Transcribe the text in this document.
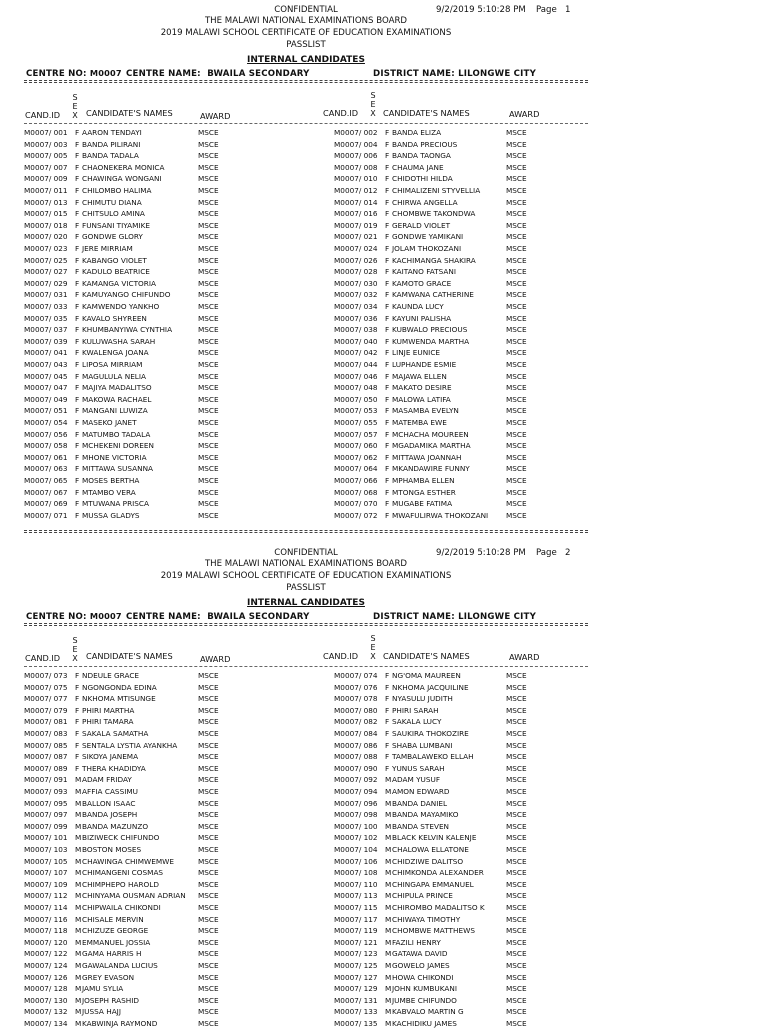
CONFIDENTIAL	9/2/2019 5:10:28 PM Page 1
THE MALAWI NATIONAL EXAMINATIONS BOARD
2019 MALAWI SCHOOL CERTIFICATE OF EDUCATION EXAMINATIONS
PASSLIST
INTERNAL CANDIDATES
CENTRE NO: M0007 CENTRE NAME: BWAILA SECONDARY	DISTRICT NAME: LILONGWE CITY
CAND.ID
S
E
X CANDIDATE'S NAMES	AWARD	CAND.ID
S
E
X CANDIDATE'S NAMES	AWARD
M0007/ 001 F AARON TENDAYI	MSCE
M0007/ 003 F BANDA PILIRANI	MSCE
M0007/ 005 F BANDA TADALA	MSCE
M0007/ 007 F CHAONEKERA MONICA	MSCE
M0007/ 009 F CHAWINGA WONGANI	MSCE
M0007/ 011 F CHILOMBO HALIMA	MSCE
M0007/ 013 F CHIMUTU DIANA	MSCE
M0007/ 015 F CHITSULO AMINA	MSCE
M0007/ 018 F FUNSANI TIYAMIKE	MSCE
M0007/ 020 F GONDWE GLORY	MSCE
M0007/ 023 F JERE MIRRIAM	MSCE
M0007/ 025 F KABANGO VIOLET	MSCE
M0007/ 027 F KADULO BEATRICE	MSCE
M0007/ 029 F KAMANGA VICTORIA	MSCE
M0007/ 031 F KAMUYANGO CHIFUNDO	MSCE
M0007/ 033 F KAMWENDO YANKHO	MSCE
M0007/ 035 F KAVALO SHYREEN	MSCE
M0007/ 037 F KHUMBANYIWA CYNTHIA	MSCE
M0007/ 039 F KULUWASHA SARAH	MSCE
M0007/ 041 F KWALENGA JOANA	MSCE
M0007/ 043 F LIPOSA MIRRIAM	MSCE
M0007/ 045 F MAGULULA NELIA	MSCE
M0007/ 047 F MAJIYA MADALITSO	MSCE
M0007/ 049 F MAKOWA RACHAEL	MSCE
M0007/ 051 F MANGANI LUWIZA	MSCE
M0007/ 054 F MASEKO JANET	MSCE
M0007/ 056 F MATUMBO TADALA	MSCE
M0007/ 058 F MCHEKENI DOREEN	MSCE
M0007/ 061 F MHONE VICTORIA	MSCE
M0007/ 063 F MITTAWA SUSANNA	MSCE
M0007/ 065 F MOSES BERTHA	MSCE
M0007/ 067 F MTAMBO VERA	MSCE
M0007/ 069 F MTUWANA PRISCA	MSCE
M0007/ 071 F MUSSA GLADYS	MSCE
M0007/ 002 F BANDA ELIZA	MSCE
M0007/ 004 F BANDA PRECIOUS	MSCE
M0007/ 006 F BANDA TAONGA	MSCE
M0007/ 008 F CHAUMA JANE	MSCE
M0007/ 010 F CHIDOTHI HILDA	MSCE
M0007/ 012 F CHIMALIZENI STYVELLIA	MSCE
M0007/ 014 F CHIRWA ANGELLA	MSCE
M0007/ 016 F CHOMBWE TAKONDWA	MSCE
M0007/ 019 F GERALD VIOLET	MSCE
M0007/ 021 F GONDWE YAMIKANI	MSCE
M0007/ 024 F JOLAM THOKOZANI	MSCE
M0007/ 026 F KACHIMANGA SHAKIRA	MSCE
M0007/ 028 F KAITANO FATSANI	MSCE
M0007/ 030 F KAMOTO GRACE	MSCE
M0007/ 032 F KAMWANA CATHERINE	MSCE
M0007/ 034 F KAUNDA LUCY	MSCE
M0007/ 036 F KAYUNI PALISHA	MSCE
M0007/ 038 F KUBWALO PRECIOUS	MSCE
M0007/ 040 F KUMWENDA MARTHA	MSCE
M0007/ 042 F LINJE EUNICE	MSCE
M0007/ 044 F LUPHANDE ESMIE	MSCE
M0007/ 046 F MAJAWA ELLEN	MSCE
M0007/ 048 F MAKATO DESIRE	MSCE
M0007/ 050 F MALOWA LATIFA	MSCE
M0007/ 053 F MASAMBA EVELYN	MSCE
M0007/ 055 F MATEMBA EWE	MSCE
M0007/ 057 F MCHACHA MOUREEN	MSCE
M0007/ 060 F MGADAMIKA MARTHA	MSCE
M0007/ 062 F MITTAWA JOANNAH	MSCE
M0007/ 064 F MKANDAWIRE FUNNY	MSCE
M0007/ 066 F MPHAMBA ELLEN	MSCE
M0007/ 068 F MTONGA ESTHER	MSCE
M0007/ 070 F MUGABE FATIMA	MSCE
M0007/ 072 F MWAFULIRWA THOKOZANI MSCE
CONFIDENTIAL	9/2/2019 5:10:28 PM Page 2
THE MALAWI NATIONAL EXAMINATIONS BOARD
2019 MALAWI SCHOOL CERTIFICATE OF EDUCATION EXAMINATIONS
PASSLIST
INTERNAL CANDIDATES
CENTRE NO: M0007 CENTRE NAME: BWAILA SECONDARY	DISTRICT NAME: LILONGWE CITY
CAND.ID
S
E
X CANDIDATE'S NAMES	AWARD	CAND.ID
S
E
X CANDIDATE'S NAMES	AWARD
M0007/ 073 F NDEULE GRACE	MSCE
M0007/ 075 F NGONGONDA EDINA	MSCE
M0007/ 077 F NKHOMA MTISUNGE	MSCE
M0007/ 079 F PHIRI MARTHA	MSCE
M0007/ 081 F PHIRI TAMARA	MSCE
M0007/ 083 F SAKALA SAMATHA	MSCE
M0007/ 085 F SENTALA LYSTIA AYANKHA	MSCE
M0007/ 087 F SIKOYA JANEMA	MSCE
M0007/ 089 F THERA KHADIDYA	MSCE
M0007/ 091 M ADAM FRIDAY	MSCE
M0007/ 093 M AFFIA CASSIMU	MSCE
M0007/ 095 M BALLON ISAAC	MSCE
M0007/ 097 M BANDA JOSEPH	MSCE
M0007/ 099 M BANDA MAZUNZO	MSCE
M0007/ 101 M BIZIWECK CHIFUNDO	MSCE
M0007/ 103 M BOSTON MOSES	MSCE
M0007/ 105 M CHAWINGA CHIMWEMWE	MSCE
M0007/ 107 M CHIMANGENI COSMAS	MSCE
M0007/ 109 M CHIMPHEPO HAROLD	MSCE
M0007/ 112 M CHINYAMA OUSMAN ADRIAN MSCE
M0007/ 114 M CHIPWAILA CHIKONDI	MSCE
M0007/ 116 M CHISALE MERVIN	MSCE
M0007/ 118 M CHIZUZE GEORGE	MSCE
M0007/ 120 M EMMANUEL JOSSIA	MSCE
M0007/ 122 M GAMA HARRIS H	MSCE
M0007/ 124 M GAWALANDA LUCIUS	MSCE
M0007/ 126 M GREY EVASON	MSCE
M0007/ 128 M JAMU SYLIA	MSCE
M0007/ 130 M JOSEPH RASHID	MSCE
M0007/ 132 M JUSSA HAJJ	MSCE
M0007/ 134 M KABWINJA RAYMOND	MSCE
M0007/ 074 F NG'OMA MAUREEN	MSCE
M0007/ 076 F NKHOMA JACQUILINE	MSCE
M0007/ 078 F NYASULU JUDITH	MSCE
M0007/ 080 F PHIRI SARAH	MSCE
M0007/ 082 F SAKALA LUCY	MSCE
M0007/ 084 F SAUKIRA THOKOZIRE	MSCE
M0007/ 086 F SHABA LUMBANI	MSCE
M0007/ 088 F TAMBALAWEKO ELLAH	MSCE
M0007/ 090 F YUNUS SARAH	MSCE
M0007/ 092 M ADAM YUSUF	MSCE
M0007/ 094 M AMON EDWARD	MSCE
M0007/ 096 M BANDA DANIEL	MSCE
M0007/ 098 M BANDA MAYAMIKO	MSCE
M0007/ 100 M BANDA STEVEN	MSCE
M0007/ 102 M BLACK KELVIN KALENJE	MSCE
M0007/ 104 M CHALOWA ELLATONE	MSCE
M0007/ 106 M CHIDZIWE DALITSO	MSCE
M0007/ 108 M CHIMKONDA ALEXANDER	MSCE
M0007/ 110 M CHINGAPA EMMANUEL	MSCE
M0007/ 113 M CHIPULA PRINCE	MSCE
M0007/ 115 M CHIROMBO MADALITSO K	MSCE
M0007/ 117 M CHIWAYA TIMOTHY	MSCE
M0007/ 119 M CHOMBWE MATTHEWS	MSCE
M0007/ 121 M FAZILI HENRY	MSCE
M0007/ 123 M GATAWA DAVID	MSCE
M0007/ 125 M GOWELO JAMES	MSCE
M0007/ 127 M HOWA CHIKONDI	MSCE
M0007/ 129 M JOHN KUMBUKANI	MSCE
M0007/ 131 M JUMBE CHIFUNDO	MSCE
M0007/ 133 M KABVALO MARTIN G	MSCE
M0007/ 135 M KACHIDIKU JAMES	MSCE
